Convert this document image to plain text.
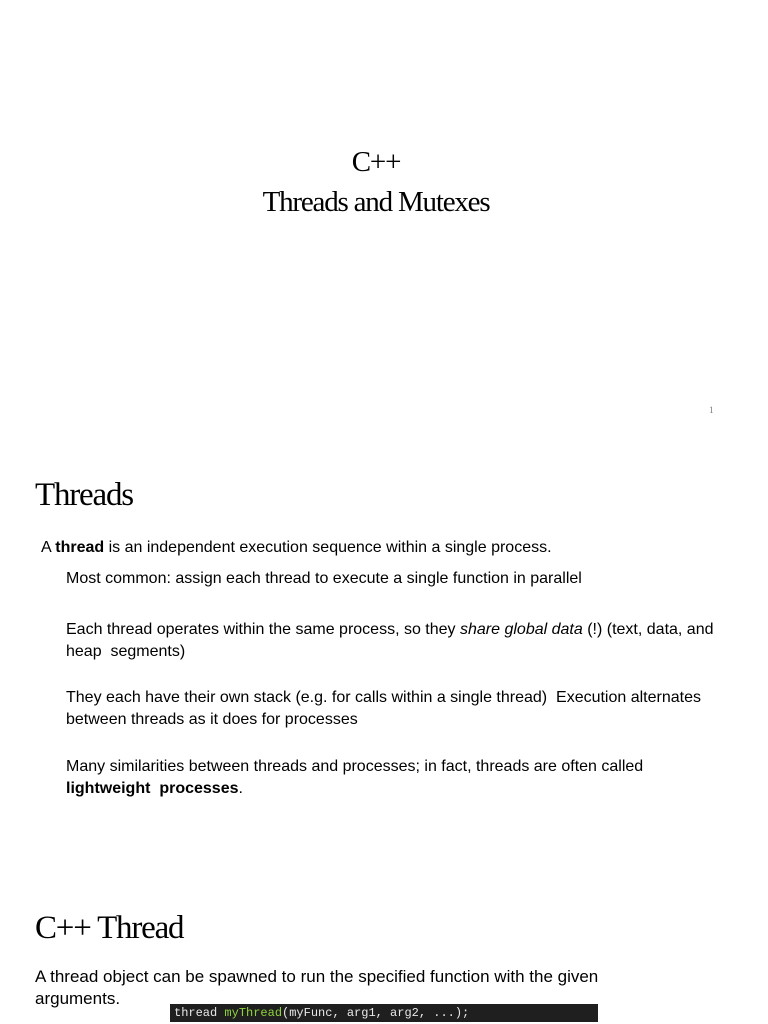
C++
Threads and Mutexes
1
Threads
A thread is an independent execution sequence within a single process.
Most common: assign each thread to execute a single function in parallel
Each thread operates within the same process, so they share global data (!) (text, data, and
heap  segments)
They each have their own stack (e.g. for calls within a single thread)  Execution alternates
between threads as it does for processes
Many similarities between threads and processes; in fact, threads are often called
lightweight  processes.
C++ Thread
A thread object can be spawned to run the specified function with the given
arguments.
thread myThread(myFunc, arg1, arg2, ...);
